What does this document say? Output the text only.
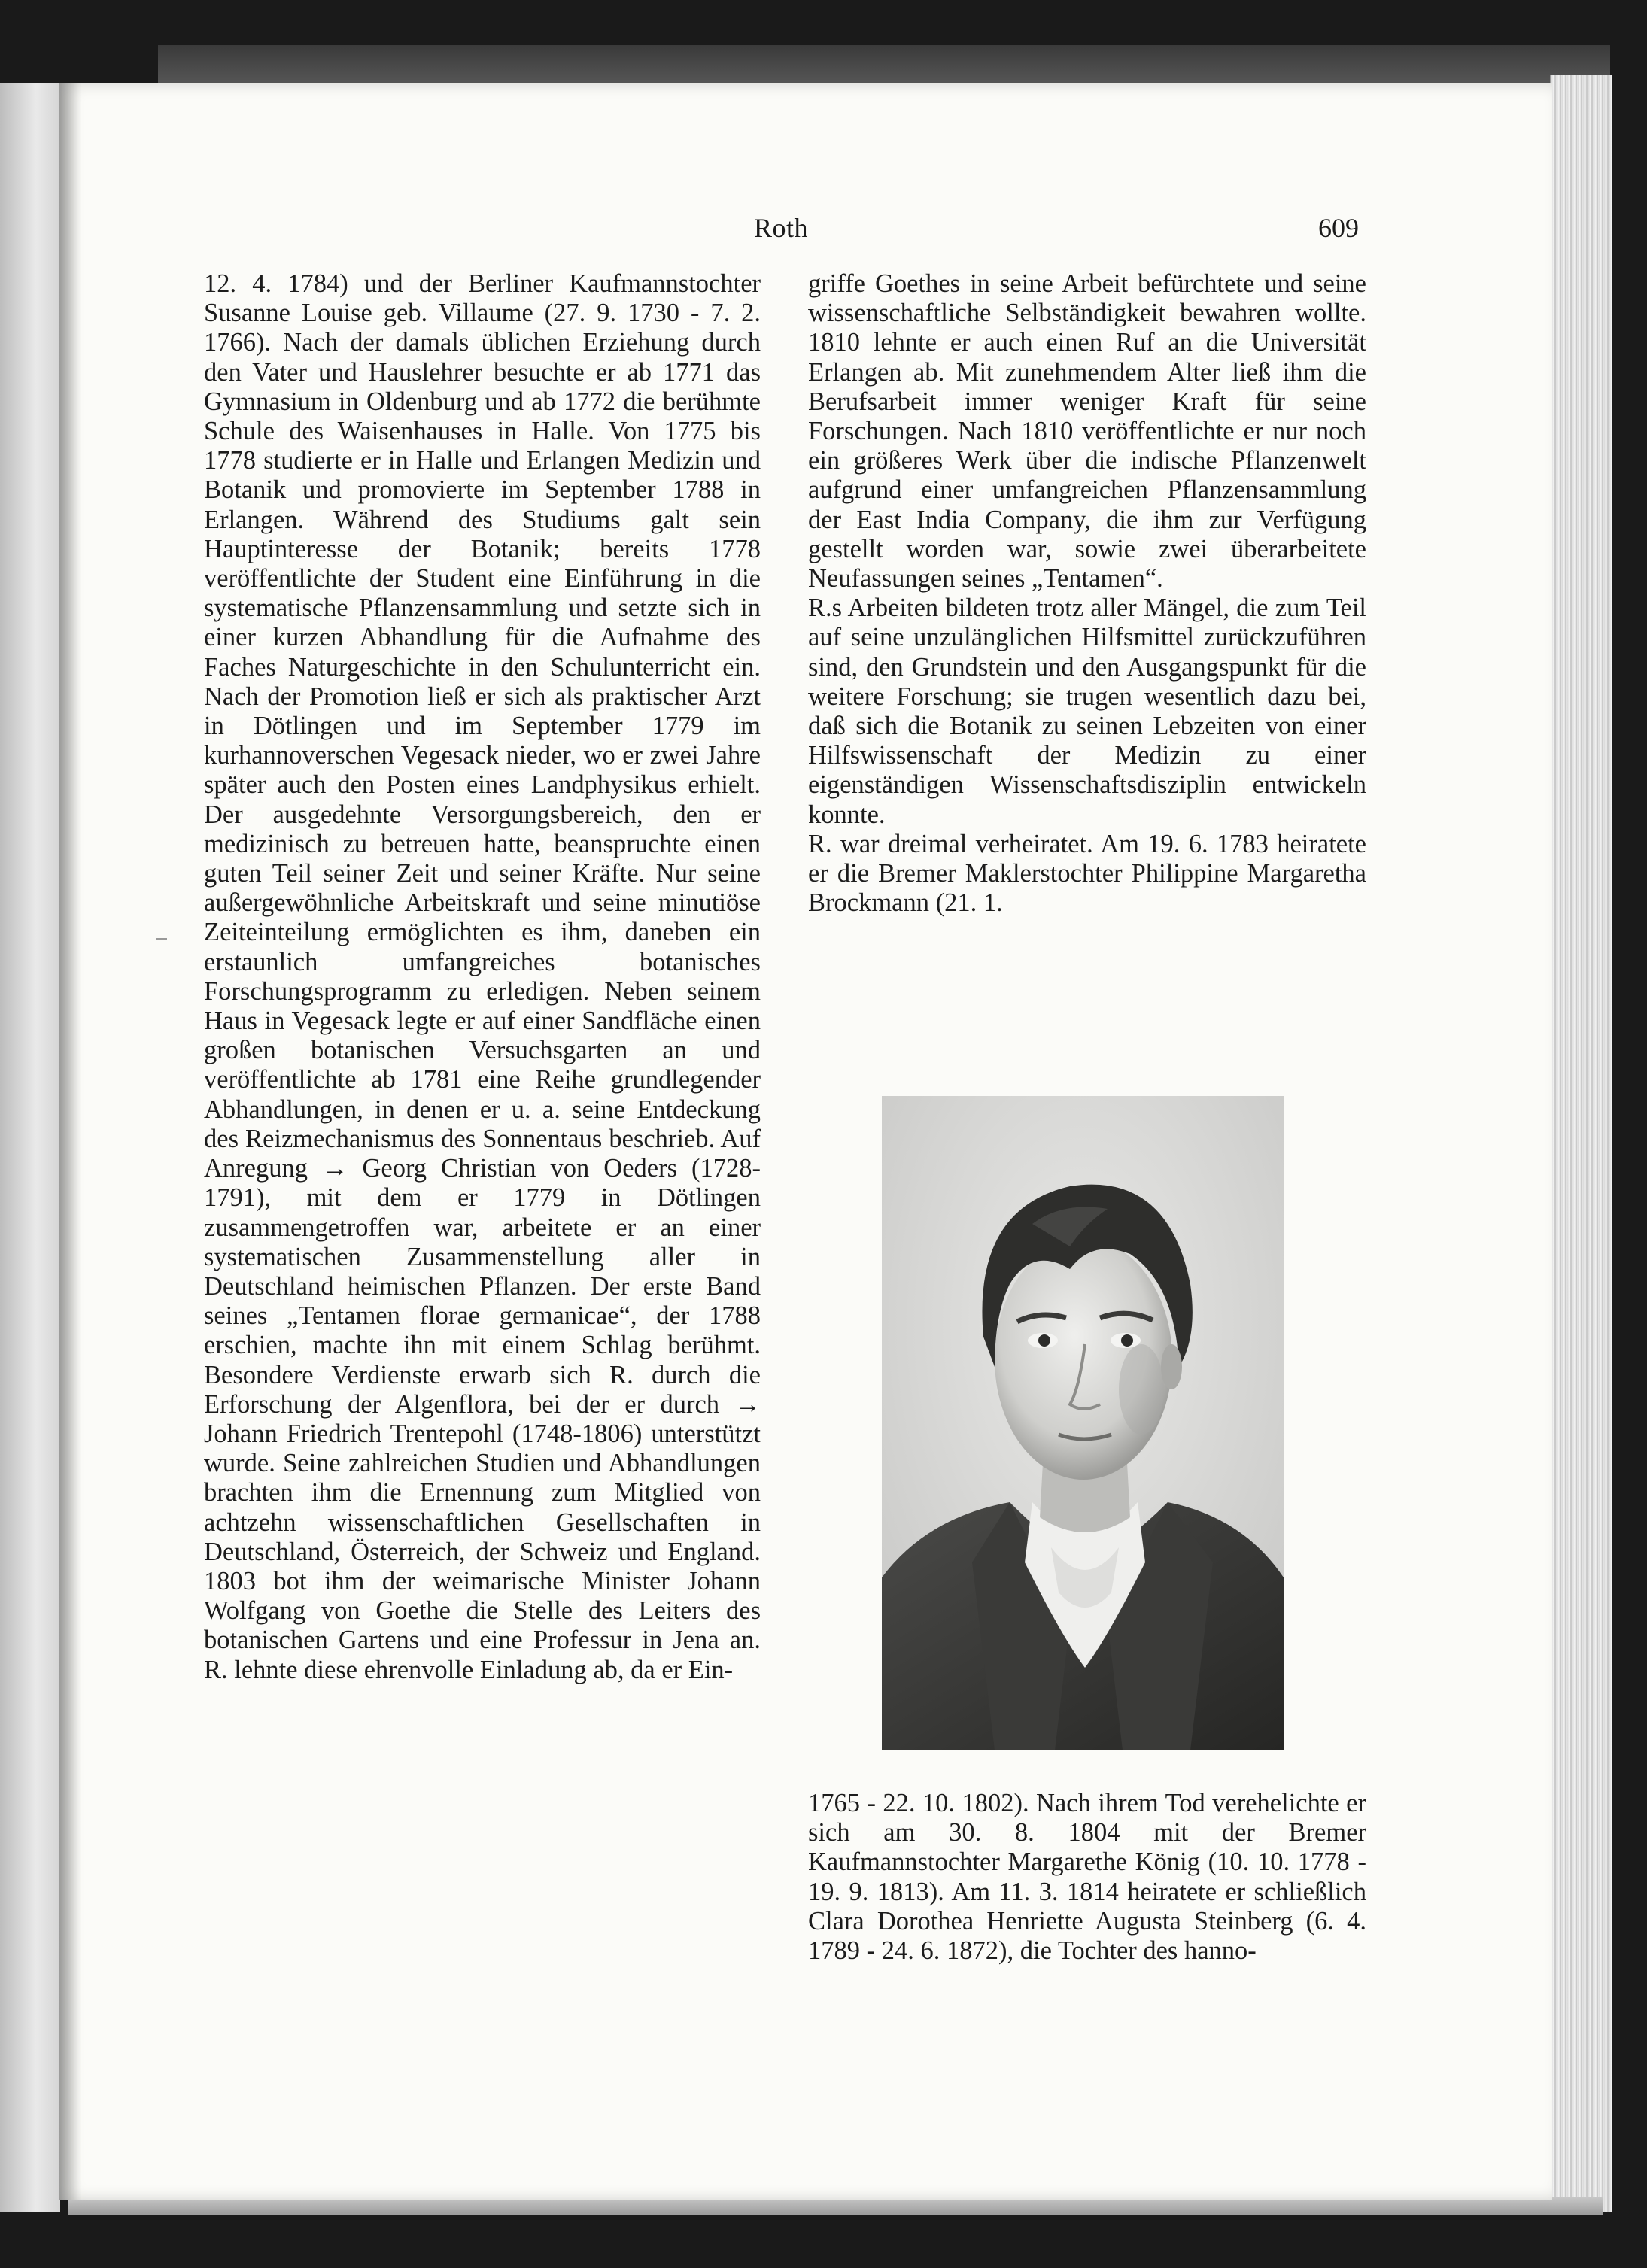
Roth	609

12. 4. 1784) und der Berliner Kaufmannstochter Susanne Louise geb. Villaume (27. 9. 1730 - 7. 2. 1766). Nach der damals üblichen Erziehung durch den Vater und Hauslehrer besuchte er ab 1771 das Gymnasium in Oldenburg und ab 1772 die berühmte Schule des Waisenhauses in Halle. Von 1775 bis 1778 studierte er in Halle und Erlangen Medizin und Botanik und promovierte im September 1788 in Erlangen. Während des Studiums galt sein Hauptinteresse der Botanik; bereits 1778 veröffentlichte der Student eine Einführung in die systematische Pflanzensammlung und setzte sich in einer kurzen Abhandlung für die Aufnahme des Faches Naturgeschichte in den Schulunterricht ein. Nach der Promotion ließ er sich als praktischer Arzt in Dötlingen und im September 1779 im kurhannoverschen Vegesack nieder, wo er zwei Jahre später auch den Posten eines Landphysikus erhielt. Der ausgedehnte Versorgungsbereich, den er medizinisch zu betreuen hatte, beanspruchte einen guten Teil seiner Zeit und seiner Kräfte. Nur seine außergewöhnliche Arbeitskraft und seine minutiöse Zeiteinteilung ermöglichten es ihm, daneben ein erstaunlich umfangreiches botanisches Forschungsprogramm zu erledigen. Neben seinem Haus in Vegesack legte er auf einer Sandfläche einen großen botanischen Versuchsgarten an und veröffentlichte ab 1781 eine Reihe grundlegender Abhandlungen, in denen er u. a. seine Entdeckung des Reizmechanismus des Sonnentaus beschrieb. Auf Anregung → Georg Christian von Oeders (1728-1791), mit dem er 1779 in Dötlingen zusammengetroffen war, arbeitete er an einer systematischen Zusammenstellung aller in Deutschland heimischen Pflanzen. Der erste Band seines „Tentamen florae germanicae“, der 1788 erschien, machte ihn mit einem Schlag berühmt. Besondere Verdienste erwarb sich R. durch die Erforschung der Algenflora, bei der er durch → Johann Friedrich Trentepohl (1748-1806) unterstützt wurde. Seine zahlreichen Studien und Abhandlungen brachten ihm die Ernennung zum Mitglied von achtzehn wissenschaftlichen Gesellschaften in Deutschland, Österreich, der Schweiz und England. 1803 bot ihm der weimarische Minister Johann Wolfgang von Goethe die Stelle des Leiters des botanischen Gartens und eine Professur in Jena an. R. lehnte diese ehrenvolle Einladung ab, da er Ein-

griffe Goethes in seine Arbeit befürchtete und seine wissenschaftliche Selbständigkeit bewahren wollte. 1810 lehnte er auch einen Ruf an die Universität Erlangen ab. Mit zunehmendem Alter ließ ihm die Berufsarbeit immer weniger Kraft für seine Forschungen. Nach 1810 veröffentlichte er nur noch ein größeres Werk über die indische Pflanzenwelt aufgrund einer umfangreichen Pflanzensammlung der East India Company, die ihm zur Verfügung gestellt worden war, sowie zwei überarbeitete Neufassungen seines „Tentamen“.

R.s Arbeiten bildeten trotz aller Mängel, die zum Teil auf seine unzulänglichen Hilfsmittel zurückzuführen sind, den Grundstein und den Ausgangspunkt für die weitere Forschung; sie trugen wesentlich dazu bei, daß sich die Botanik zu seinen Lebzeiten von einer Hilfswissenschaft der Medizin zu einer eigenständigen Wissenschaftsdisziplin entwickeln konnte.

R. war dreimal verheiratet. Am 19. 6. 1783 heiratete er die Bremer Maklerstochter Philippine Margaretha Brockmann (21. 1.

1765 - 22. 10. 1802). Nach ihrem Tod verehelichte er sich am 30. 8. 1804 mit der Bremer Kaufmannstochter Margarethe König (10. 10. 1778 - 19. 9. 1813). Am 11. 3. 1814 heiratete er schließlich Clara Dorothea Henriette Augusta Steinberg (6. 4. 1789 - 24. 6. 1872), die Tochter des hanno-
